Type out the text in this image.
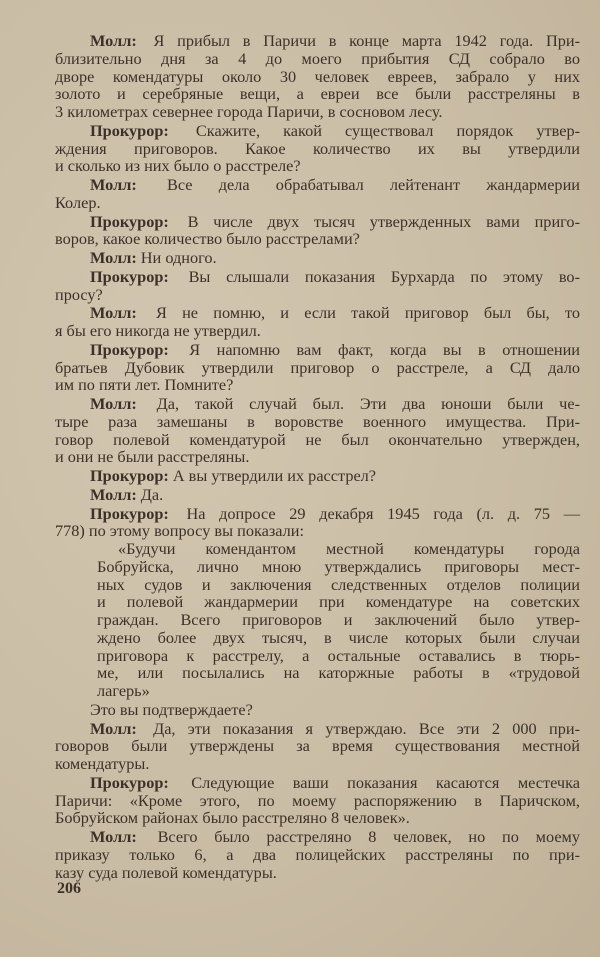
Молл: Я прибыл в Паричи в конце марта 1942 года. При-
близительно дня за 4 до моего прибытия СД собрало во
дворе комендатуры около 30 человек евреев, забрало у них
золото и серебряные вещи, а евреи все были расстреляны в
3 километрах севернее города Паричи, в сосновом лесу.
Прокурор: Скажите, какой существовал порядок утвер-
ждения приговоров. Какое количество их вы утвердили
и сколько из них было о расстреле?
Молл: Все дела обрабатывал лейтенант жандармерии
Колер.
Прокурор: В числе двух тысяч утвержденных вами приго-
воров, какое количество было расстрелами?
Молл: Ни одного.
Прокурор: Вы слышали показания Бурхарда по этому во-
просу?
Молл: Я не помню, и если такой приговор был бы, то
я бы его никогда не утвердил.
Прокурор: Я напомню вам факт, когда вы в отношении
братьев Дубовик утвердили приговор о расстреле, а СД дало
им по пяти лет. Помните?
Молл: Да, такой случай был. Эти два юноши были че-
тыре раза замешаны в воровстве военного имущества. При-
говор полевой комендатурой не был окончательно утвержден,
и они не были расстреляны.
Прокурор: А вы утвердили их расстрел?
Молл: Да.
Прокурор: На допросе 29 декабря 1945 года (л. д. 75 —
778) по этому вопросу вы показали:
«Будучи комендантом местной комендатуры города
Бобруйска, лично мною утверждались приговоры мест-
ных судов и заключения следственных отделов полиции
и полевой жандармерии при комендатуре на советских
граждан. Всего приговоров и заключений было утвер-
ждено более двух тысяч, в числе которых были случаи
приговора к расстрелу, а остальные оставались в тюрь-
ме, или посылались на каторжные работы в «трудовой
лагерь»
Это вы подтверждаете?
Молл: Да, эти показания я утверждаю. Все эти 2 000 при-
говоров были утверждены за время существования местной
комендатуры.
Прокурор: Следующие ваши показания касаются местечка
Паричи: «Кроме этого, по моему распоряжению в Паричском,
Бобруйском районах было расстреляно 8 человек».
Молл: Всего было расстреляно 8 человек, но по моему
приказу только 6, а два полицейских расстреляны по при-
казу суда полевой комендатуры.
206
